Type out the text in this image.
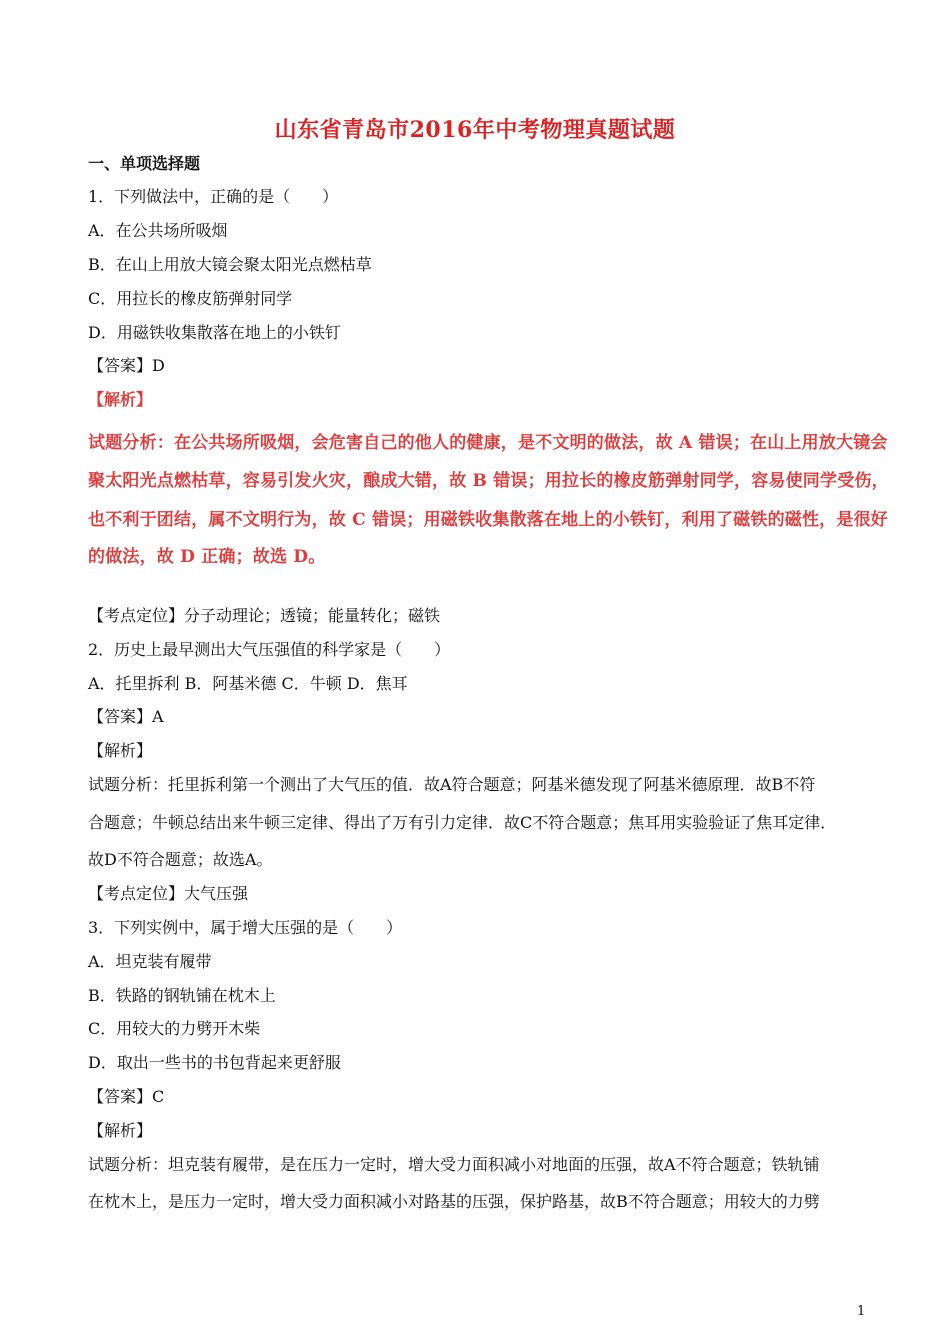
山东省青岛市2016年中考物理真题试题
一、单项选择题
1．下列做法中，正确的是（　　）
A．在公共场所吸烟
B．在山上用放大镜会聚太阳光点燃枯草
C．用拉长的橡皮筋弹射同学
D．用磁铁收集散落在地上的小铁钉
【答案】D
【解析】
试题分析：在公共场所吸烟，会危害自己的他人的健康，是不文明的做法，故 A 错误；在山上用放大镜会
聚太阳光点燃枯草，容易引发火灾，酿成大错，故 B 错误；用拉长的橡皮筋弹射同学，容易使同学受伤，
也不利于团结，属不文明行为，故 C 错误；用磁铁收集散落在地上的小铁钉，利用了磁铁的磁性，是很好
的做法，故 D 正确；故选 D。
【考点定位】分子动理论；透镜；能量转化；磁铁
2．历史上最早测出大气压强值的科学家是（　　）
A．托里拆利 B．阿基米德 C．牛顿 D．焦耳
【答案】A
【解析】
试题分析：托里拆利第一个测出了大气压的值．故A符合题意；阿基米德发现了阿基米德原理．故B不符
合题意；牛顿总结出来牛顿三定律、得出了万有引力定律．故C不符合题意；焦耳用实验验证了焦耳定律．
故D不符合题意；故选A。
【考点定位】大气压强
3．下列实例中，属于增大压强的是（　　）
A．坦克装有履带
B．铁路的钢轨铺在枕木上
C．用较大的力劈开木柴
D．取出一些书的书包背起来更舒服
【答案】C
【解析】
试题分析：坦克装有履带，是在压力一定时，增大受力面积减小对地面的压强，故A不符合题意；铁轨铺
在枕木上，是压力一定时，增大受力面积减小对路基的压强，保护路基，故B不符合题意；用较大的力劈
1
